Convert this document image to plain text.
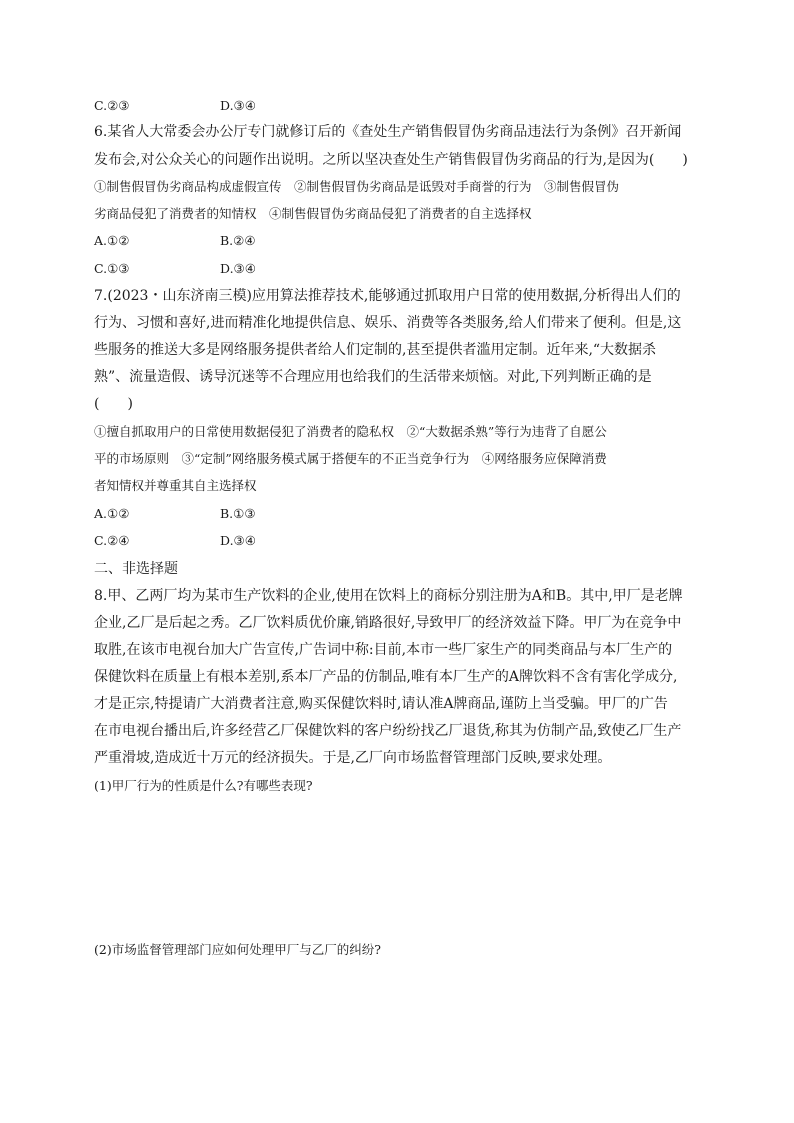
C.②③	D.③④
6.某省人大常委会办公厅专门就修订后的《查处生产销售假冒伪劣商品违法行为条例》召开新闻
发布会,对公众关心的问题作出说明。之所以坚决查处生产销售假冒伪劣商品的行为,是因为(　　)
①制售假冒伪劣商品构成虚假宣传　②制售假冒伪劣商品是诋毁对手商誉的行为　③制售假冒伪
劣商品侵犯了消费者的知情权　④制售假冒伪劣商品侵犯了消费者的自主选择权
A.①②	B.②④
C.①③	D.③④
7.(2023・山东济南三模)应用算法推荐技术,能够通过抓取用户日常的使用数据,分析得出人们的
行为、习惯和喜好,进而精准化地提供信息、娱乐、消费等各类服务,给人们带来了便利。但是,这
些服务的推送大多是网络服务提供者给人们定制的,甚至提供者滥用定制。近年来,“大数据杀
熟”、流量造假、诱导沉迷等不合理应用也给我们的生活带来烦恼。对此,下列判断正确的是
(　　)
①擅自抓取用户的日常使用数据侵犯了消费者的隐私权　②“大数据杀熟”等行为违背了自愿公
平的市场原则　③“定制”网络服务模式属于搭便车的不正当竞争行为　④网络服务应保障消费
者知情权并尊重其自主选择权
A.①②	B.①③
C.②④	D.③④
二、非选择题
8.甲、乙两厂均为某市生产饮料的企业,使用在饮料上的商标分别注册为A和B。其中,甲厂是老牌
企业,乙厂是后起之秀。乙厂饮料质优价廉,销路很好,导致甲厂的经济效益下降。甲厂为在竞争中
取胜,在该市电视台加大广告宣传,广告词中称:目前,本市一些厂家生产的同类商品与本厂生产的
保健饮料在质量上有根本差别,系本厂产品的仿制品,唯有本厂生产的A牌饮料不含有害化学成分,
才是正宗,特提请广大消费者注意,购买保健饮料时,请认准A牌商品,谨防上当受骗。甲厂的广告
在市电视台播出后,许多经营乙厂保健饮料的客户纷纷找乙厂退货,称其为仿制产品,致使乙厂生产
严重滑坡,造成近十万元的经济损失。于是,乙厂向市场监督管理部门反映,要求处理。
(1)甲厂行为的性质是什么?有哪些表现?
(2)市场监督管理部门应如何处理甲厂与乙厂的纠纷?
